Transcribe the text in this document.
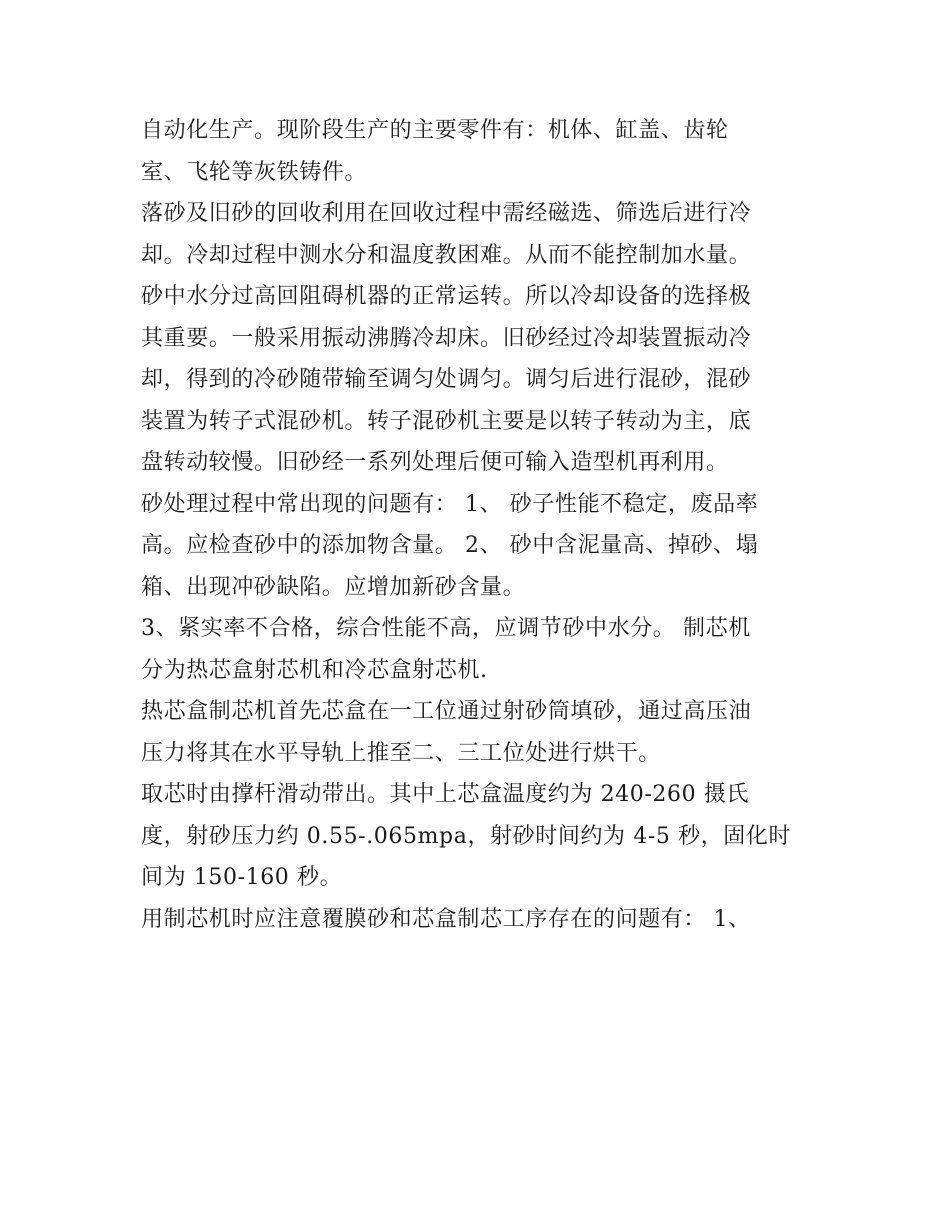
自动化生产。现阶段生产的主要零件有：机体、缸盖、齿轮
室、飞轮等灰铁铸件。
落砂及旧砂的回收利用在回收过程中需经磁选、筛选后进行冷
却。冷却过程中测水分和温度教困难。从而不能控制加水量。
砂中水分过高回阻碍机器的正常运转。所以冷却设备的选择极
其重要。一般采用振动沸腾冷却床。旧砂经过冷却装置振动冷
却，得到的冷砂随带输至调匀处调匀。调匀后进行混砂，混砂
装置为转子式混砂机。转子混砂机主要是以转子转动为主，底
盘转动较慢。旧砂经一系列处理后便可输入造型机再利用。
砂处理过程中常出现的问题有： 1、 砂子性能不稳定，废品率
高。应检查砂中的添加物含量。 2、 砂中含泥量高、掉砂、塌
箱、出现冲砂缺陷。应增加新砂含量。
3、紧实率不合格，综合性能不高，应调节砂中水分。 制芯机
分为热芯盒射芯机和冷芯盒射芯机.
热芯盒制芯机首先芯盒在一工位通过射砂筒填砂，通过高压油
压力将其在水平导轨上推至二、三工位处进行烘干。
取芯时由撑杆滑动带出。其中上芯盒温度约为 240-260 摄氏
度，射砂压力约 0.55-.065mpa，射砂时间约为 4-5 秒，固化时
间为 150-160 秒。
用制芯机时应注意覆膜砂和芯盒制芯工序存在的问题有： 1、
